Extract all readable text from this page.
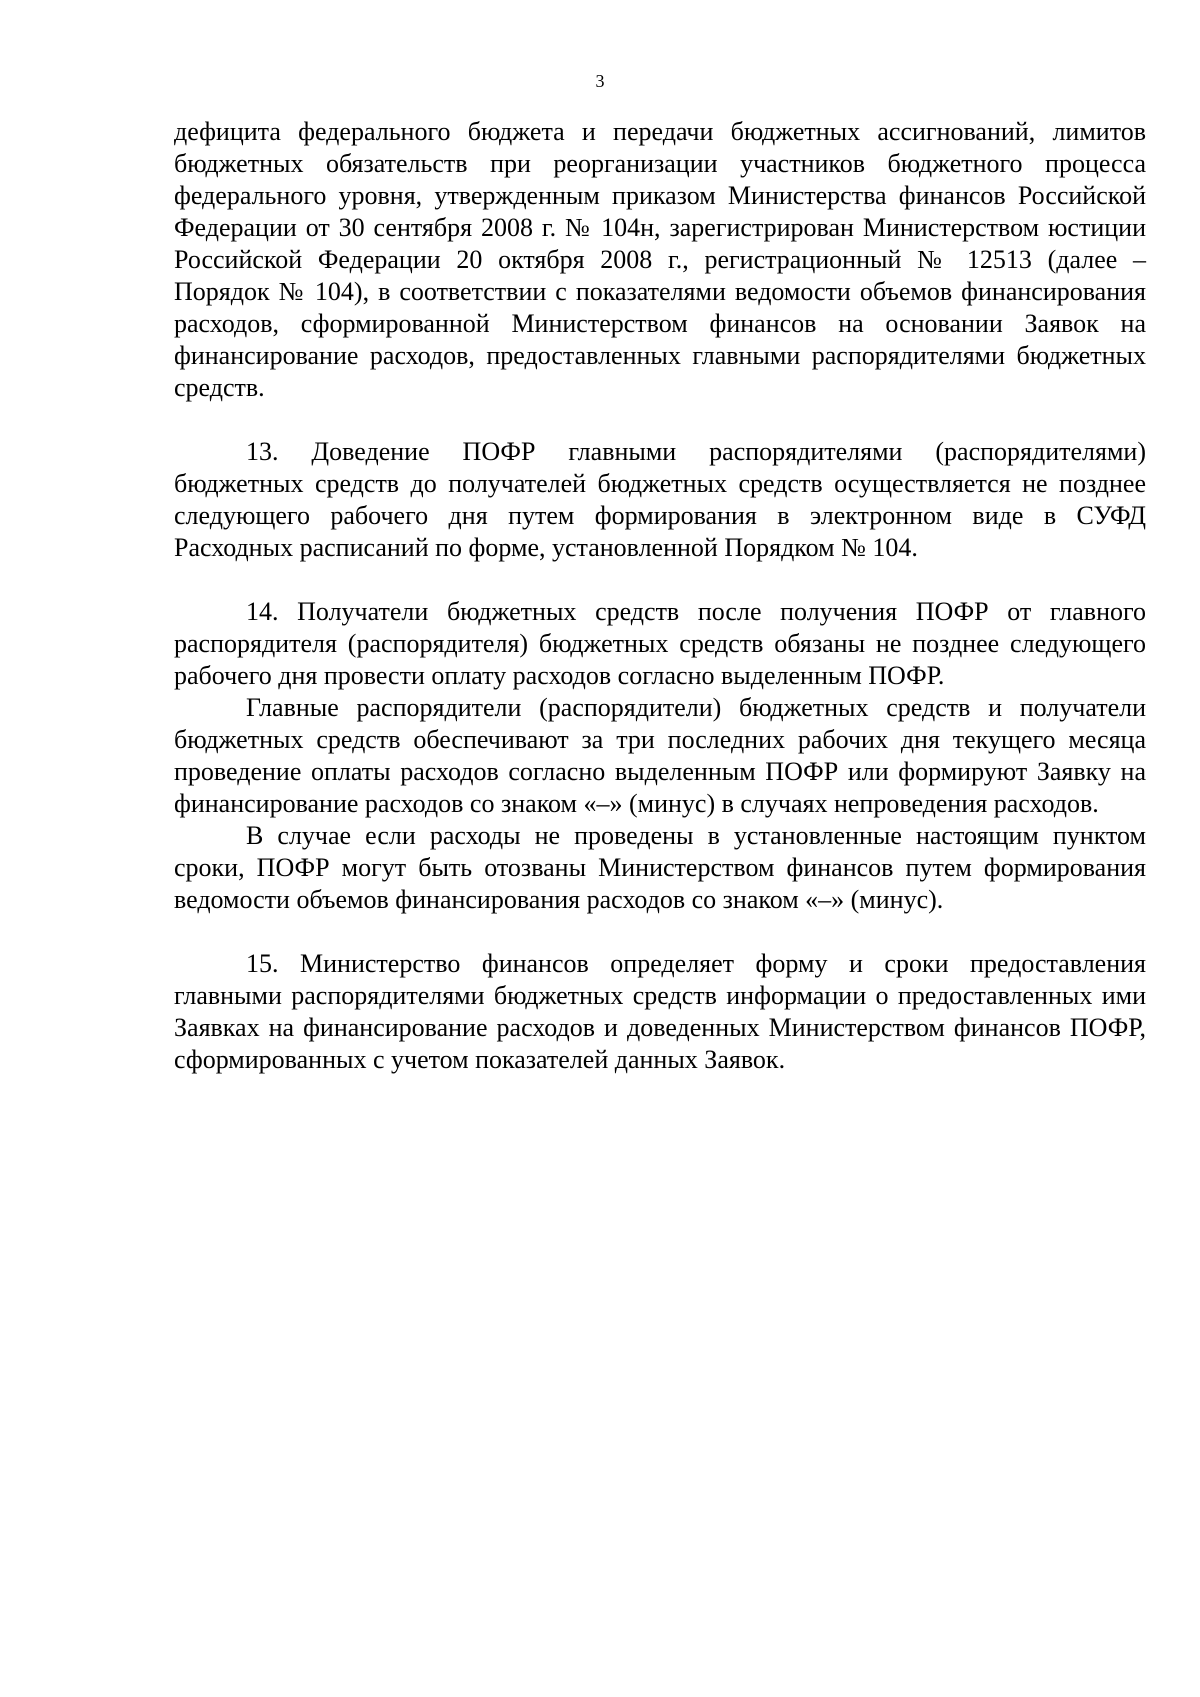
3

дефицита федерального бюджета и передачи бюджетных ассигнований, лимитов бюджетных обязательств при реорганизации участников бюджетного процесса федерального уровня, утвержденным приказом Министерства финансов Российской Федерации от 30 сентября 2008 г. № 104н, зарегистрирован Министерством юстиции Российской Федерации 20 октября 2008 г., регистрационный № 12513 (далее – Порядок № 104), в соответствии с показателями ведомости объемов финансирования расходов, сформированной Министерством финансов на основании Заявок на финансирование расходов, предоставленных главными распорядителями бюджетных средств.

13. Доведение ПОФР главными распорядителями (распорядителями) бюджетных средств до получателей бюджетных средств осуществляется не позднее следующего рабочего дня путем формирования в электронном виде в СУФД Расходных расписаний по форме, установленной Порядком № 104.

14. Получатели бюджетных средств после получения ПОФР от главного распорядителя (распорядителя) бюджетных средств обязаны не позднее следующего рабочего дня провести оплату расходов согласно выделенным ПОФР.

Главные распорядители (распорядители) бюджетных средств и получатели бюджетных средств обеспечивают за три последних рабочих дня текущего месяца проведение оплаты расходов согласно выделенным ПОФР или формируют Заявку на финансирование расходов со знаком «–» (минус) в случаях непроведения расходов.

В случае если расходы не проведены в установленные настоящим пунктом сроки, ПОФР могут быть отозваны Министерством финансов путем формирования ведомости объемов финансирования расходов со знаком «–» (минус).

15. Министерство финансов определяет форму и сроки предоставления главными распорядителями бюджетных средств информации о предоставленных ими Заявках на финансирование расходов и доведенных Министерством финансов ПОФР, сформированных с учетом показателей данных Заявок.
